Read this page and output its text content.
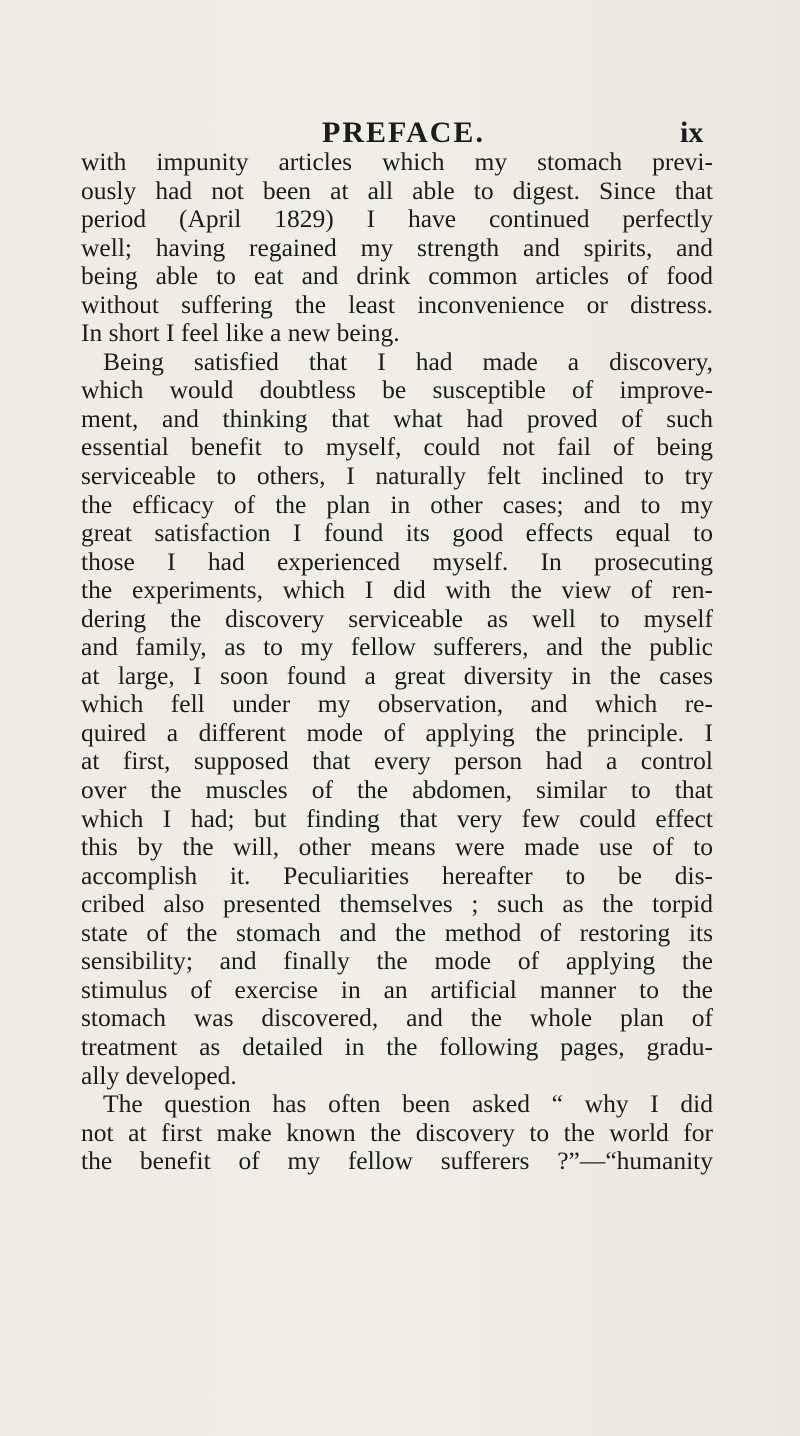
PREFACE.	ix
with impunity articles which my stomach previ-
ously had not been at all able to digest. Since that
period (April 1829) I have continued perfectly
well; having regained my strength and spirits, and
being able to eat and drink common articles of food
without suffering the least inconvenience or distress.
In short I feel like a new being.
Being satisfied that I had made a discovery,
which would doubtless be susceptible of improve-
ment, and thinking that what had proved of such
essential benefit to myself, could not fail of being
serviceable to others, I naturally felt inclined to try
the efficacy of the plan in other cases; and to my
great satisfaction I found its good effects equal to
those I had experienced myself. In prosecuting
the experiments, which I did with the view of ren-
dering the discovery serviceable as well to myself
and family, as to my fellow sufferers, and the public
at large, I soon found a great diversity in the cases
which fell under my observation, and which re-
quired a different mode of applying the principle. I
at first, supposed that every person had a control
over the muscles of the abdomen, similar to that
which I had; but finding that very few could effect
this by the will, other means were made use of to
accomplish it. Peculiarities hereafter to be dis-
cribed also presented themselves ; such as the torpid
state of the stomach and the method of restoring its
sensibility; and finally the mode of applying the
stimulus of exercise in an artificial manner to the
stomach was discovered, and the whole plan of
treatment as detailed in the following pages, gradu-
ally developed.
The question has often been asked “ why I did
not at first make known the discovery to the world for
the benefit of my fellow sufferers ?”—“humanity
